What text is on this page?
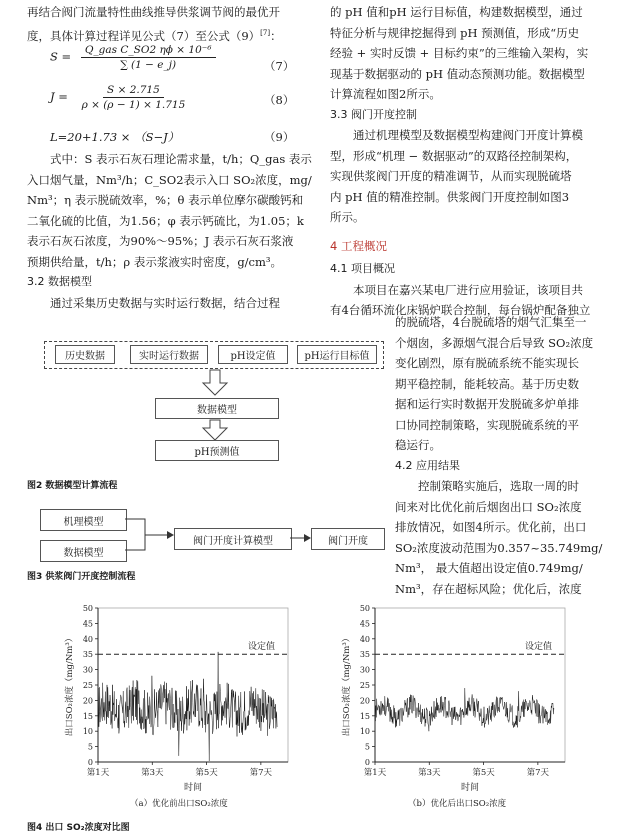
再结合阀门流量特性曲线推导供浆调节阀的最优开
度，具体计算过程详见公式（7）至公式（9）[7]：
$S = \frac{\text{Q\_gas C\_SO2 ηϕ × 10⁻⁶}}{\sum (1 - e\_j)}$	（7）
$J = \frac{S \times 2.715}{\rho \times (\rho - 1) \times 1.715}$	（8）
L=20+1.73 × （S−J）	（9）
式中：S 表示石灰石理论需求量，t/h；Q_gas 表示
入口烟气量，Nm³/h；C_SO2表示入口 SO₂浓度，mg/
Nm³；η 表示脱硫效率，%；θ 表示单位摩尔碳酸钙和
二氧化硫的比值，为1.56；φ 表示钙硫比，为1.05；k
表示石灰石浓度，为90%～95%；J 表示石灰石浆液
预期供给量，t/h；ρ 表示浆液实时密度，g/cm³。
3.2 数据模型
通过采集历史数据与实时运行数据，结合过程
的 pH 值和pH 运行目标值，构建数据模型，通过
特征分析与规律挖掘得到 pH 预测值，形成“历史
经验 + 实时反馈 + 目标约束”的三维输入架构，实
现基于数据驱动的 pH 值动态预测功能。数据模型
计算流程如图2所示。
3.3 阀门开度控制
通过机理模型及数据模型构建阀门开度计算模
型，形成“机理 − 数据驱动”的双路径控制架构，
实现供浆阀门开度的精准调节，从而实现脱硫塔
内 pH 值的精准控制。供浆阀门开度控制如图3
所示。
4 工程概况
4.1 项目概况
本项目在嘉兴某电厂进行应用验证，该项目共
有4台循环流化床锅炉联合控制，每台锅炉配备独立
的脱硫塔，4台脱硫塔的烟气汇集至一
个烟囱，多源烟气混合后导致 SO₂浓度
变化剧烈，原有脱硫系统不能实现长
期平稳控制，能耗较高。基于历史数
据和运行实时数据开发脱硫多炉单排
口协同控制策略，实现脱硫系统的平
稳运行。
4.2 应用结果
控制策略实施后，选取一周的时
间来对比优化前后烟囱出口 SO₂浓度
排放情况，如图4所示。优化前，出口
SO₂浓度波动范围为0.357~35.749mg/
Nm³， 最大值超出设定值0.749mg/
Nm³，存在超标风险；优化后，浓度
历史数据	实时运行数据	pH设定值	pH运行目标值
数据模型
pH预测值
图2 数据模型计算流程
机理模型
数据模型
阀门开度计算模型	阀门开度
图3 供浆阀门开度控制流程
0
5
10
15
20
25
30
35
40
45
50
第1天	第3天	第5天	第7天
时间
出口SO₂浓度（mg/Nm³）	设定值
0
5
10
15
20
25
30
35
40
45
50
第1天	第3天	第5天	第7天
时间
出口SO₂浓度（mg/Nm³）	设定值
（a）优化前出口SO₂浓度	（b）优化后出口SO₂浓度
图4 出口 SO₂浓度对比图
